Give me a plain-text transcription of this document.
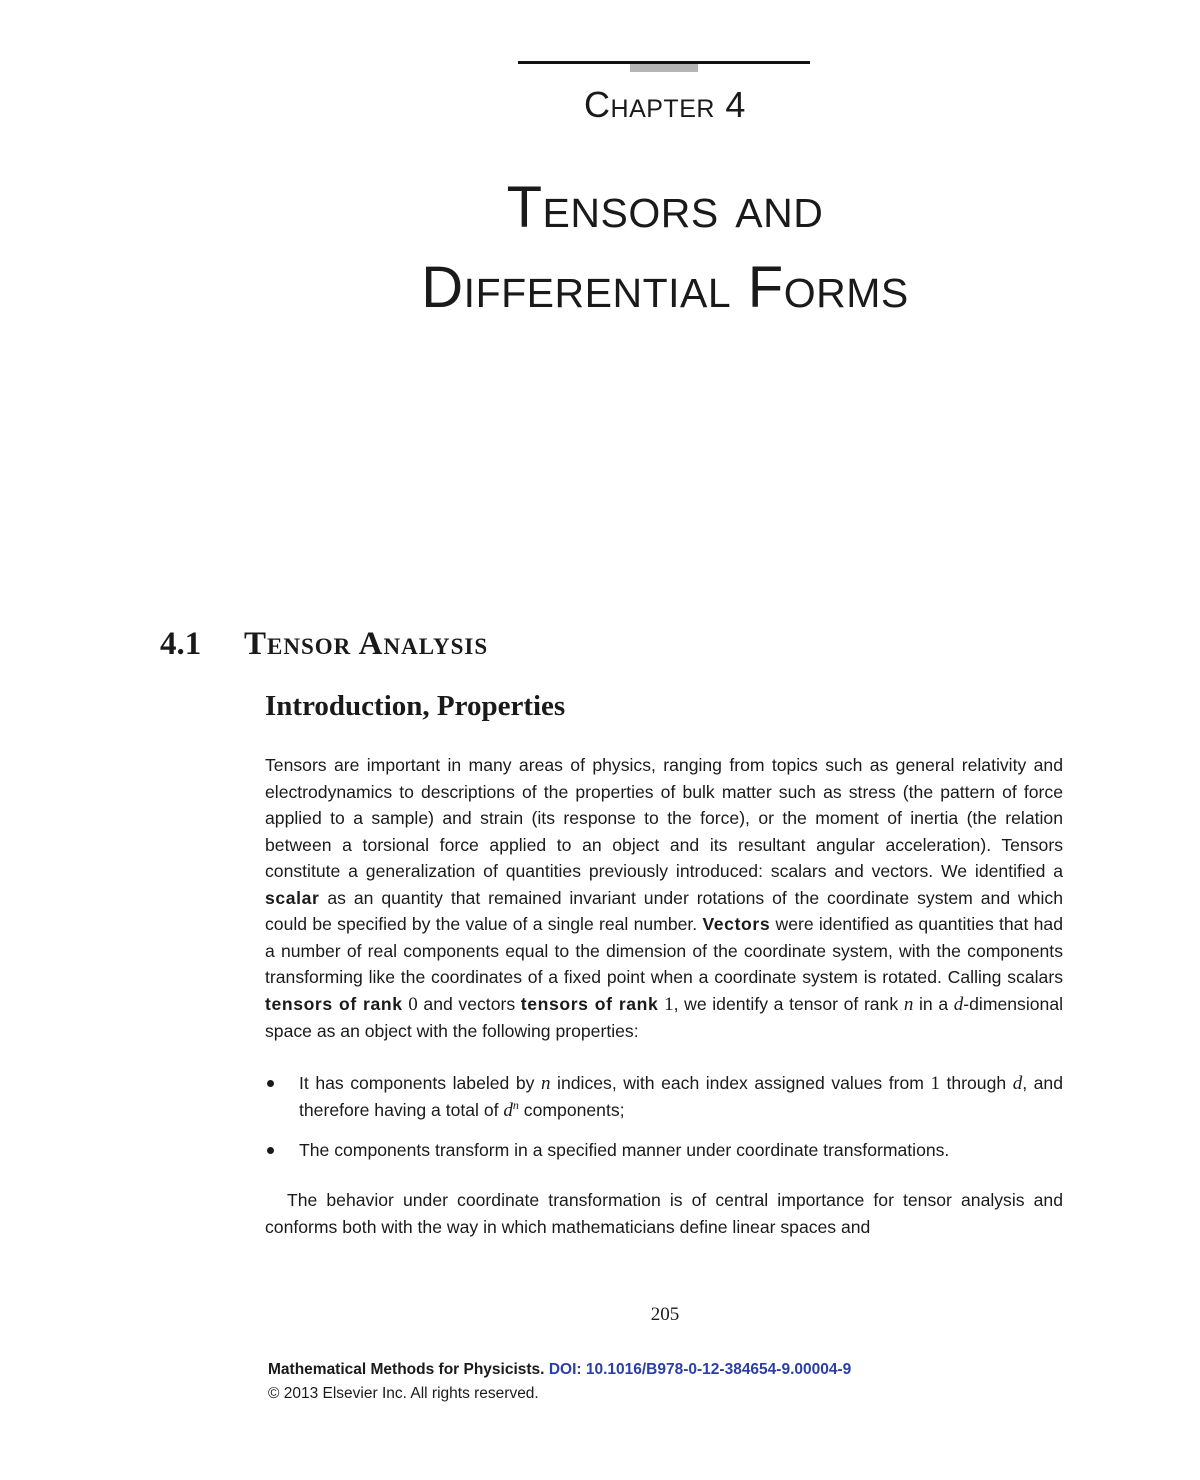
Chapter 4
Tensors and
Differential Forms
4.1 Tensor Analysis
Introduction, Properties

Tensors are important in many areas of physics, ranging from topics such as general relativity and electrodynamics to descriptions of the properties of bulk matter such as stress (the pattern of force applied to a sample) and strain (its response to the force), or the moment of inertia (the relation between a torsional force applied to an object and its resultant angular acceleration). Tensors constitute a generalization of quantities previously introduced: scalars and vectors. We identified a scalar as an quantity that remained invariant under rotations of the coordinate system and which could be specified by the value of a single real number. Vectors were identified as quantities that had a number of real components equal to the dimension of the coordinate system, with the components transforming like the coordinates of a fixed point when a coordinate system is rotated. Calling scalars tensors of rank 0 and vectors tensors of rank 1, we identify a tensor of rank n in a d-dimensional space as an object with the following properties:

It has components labeled by n indices, with each index assigned values from 1 through d, and therefore having a total of $d^n$ components;
The components transform in a specified manner under coordinate transformations.

The behavior under coordinate transformation is of central importance for tensor analysis and conforms both with the way in which mathematicians define linear spaces and

205
Mathematical Methods for Physicists. DOI: 10.1016/B978-0-12-384654-9.00004-9
© 2013 Elsevier Inc. All rights reserved.
